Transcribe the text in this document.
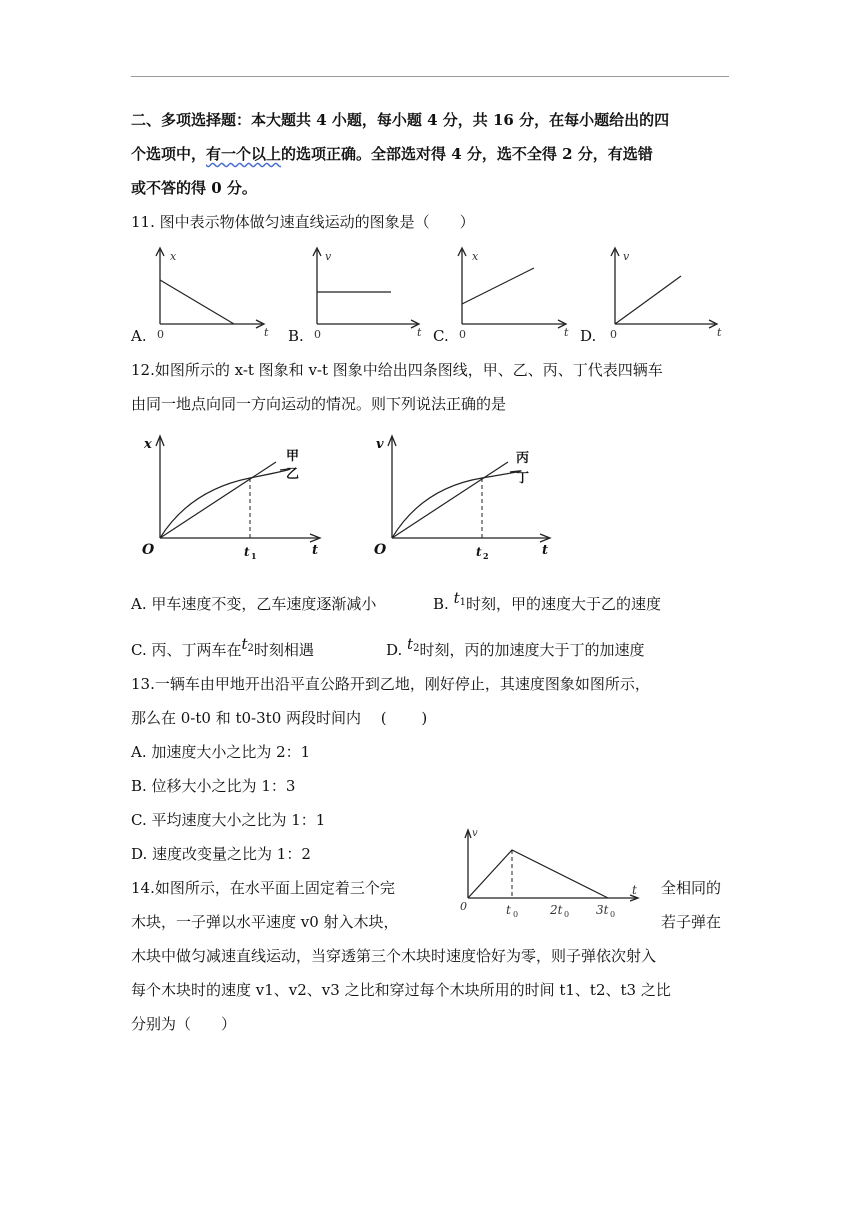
二、多项选择题：本大题共 4 小题，每小题 4 分，共 16 分，在每小题给出的四
个选项中，有一个以上的选项正确。全部选对得 4 分，选不全得 2 分，有选错
或不答的得 0 分。
11. 图中表示物体做匀速直线运动的图象是（　　）
A.	B.	C.	D.
x
t
0
v
t
0
x
t
0
v
t
0
12.如图所示的 x-t 图象和 v-t 图象中给出四条图线，甲、乙、丙、丁代表四辆车
由同一地点向同一方向运动的情况。则下列说法正确的是
x
t
O	t 1
甲
乙
v
t
O	t 2
丙
丁
A. 甲车速度不变，乙车速度逐渐减小	B. $t^1$时刻，甲的速度大于乙的速度
C. 丙、丁两车在$t^2$时刻相遇	D. $t^2$时刻，丙的加速度大于丁的加速度
13.一辆车由甲地开出沿平直公路开到乙地，刚好停止，其速度图象如图所示，
那么在 0-t0 和 t0-3t0 两段时间内　 (　　 )
A. 加速度大小之比为 2：1
B. 位移大小之比为 1：3
C. 平均速度大小之比为 1：1
D. 速度改变量之比为 1：2
v
t
0	t 0	2t 0 3t 0
14.如图所示，在水平面上固定着三个完	全相同的
木块，一子弹以水平速度 v0 射入木块，	若子弹在
木块中做匀减速直线运动，当穿透第三个木块时速度恰好为零，则子弹依次射入
每个木块时的速度 v1、v2、v3 之比和穿过每个木块所用的时间 t1、t2、t3 之比
分别为（　　）
